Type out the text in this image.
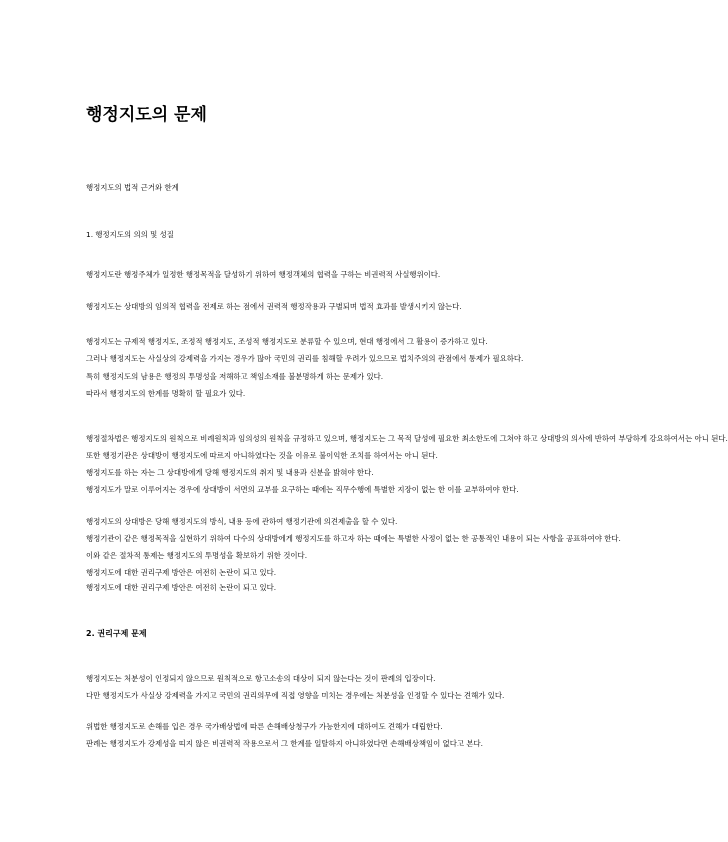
행정지도의 문제
행정지도의 법적 근거와 한계
1. 행정지도의 의의 및 성질
행정지도란 행정주체가 일정한 행정목적을 달성하기 위하여 행정객체의 협력을 구하는 비권력적 사실행위이다.
행정지도는 상대방의 임의적 협력을 전제로 하는 점에서 권력적 행정작용과 구별되며 법적 효과를 발생시키지 않는다.
행정지도는 규제적 행정지도, 조정적 행정지도, 조성적 행정지도로 분류할 수 있으며, 현대 행정에서 그 활용이 증가하고 있다.
그러나 행정지도는 사실상의 강제력을 가지는 경우가 많아 국민의 권리를 침해할 우려가 있으므로 법치주의의 관점에서 통제가 필요하다.
특히 행정지도의 남용은 행정의 투명성을 저해하고 책임소재를 불분명하게 하는 문제가 있다.
따라서 행정지도의 한계를 명확히 할 필요가 있다.
행정절차법은 행정지도의 원칙으로 비례원칙과 임의성의 원칙을 규정하고 있으며, 행정지도는 그 목적 달성에 필요한 최소한도에 그쳐야 하고 상대방의 의사에 반하여 부당하게 강요하여서는 아니 된다.
또한 행정기관은 상대방이 행정지도에 따르지 아니하였다는 것을 이유로 불이익한 조치를 하여서는 아니 된다.
행정지도를 하는 자는 그 상대방에게 당해 행정지도의 취지 및 내용과 신분을 밝혀야 한다.
행정지도가 말로 이루어지는 경우에 상대방이 서면의 교부를 요구하는 때에는 직무수행에 특별한 지장이 없는 한 이를 교부하여야 한다.
행정지도의 상대방은 당해 행정지도의 방식, 내용 등에 관하여 행정기관에 의견제출을 할 수 있다.
행정기관이 같은 행정목적을 실현하기 위하여 다수의 상대방에게 행정지도를 하고자 하는 때에는 특별한 사정이 없는 한 공통적인 내용이 되는 사항을 공표하여야 한다.
이와 같은 절차적 통제는 행정지도의 투명성을 확보하기 위한 것이다.
행정지도에 대한 권리구제 방안은 여전히 논란이 되고 있다.
행정지도에 대한 권리구제 방안은 여전히 논란이 되고 있다.
2. 권리구제 문제
행정지도는 처분성이 인정되지 않으므로 원칙적으로 항고소송의 대상이 되지 않는다는 것이 판례의 입장이다.
다만 행정지도가 사실상 강제력을 가지고 국민의 권리의무에 직접 영향을 미치는 경우에는 처분성을 인정할 수 있다는 견해가 있다.
위법한 행정지도로 손해를 입은 경우 국가배상법에 따른 손해배상청구가 가능한지에 대하여도 견해가 대립한다.
판례는 행정지도가 강제성을 띠지 않은 비권력적 작용으로서 그 한계를 일탈하지 아니하였다면 손해배상책임이 없다고 본다.
